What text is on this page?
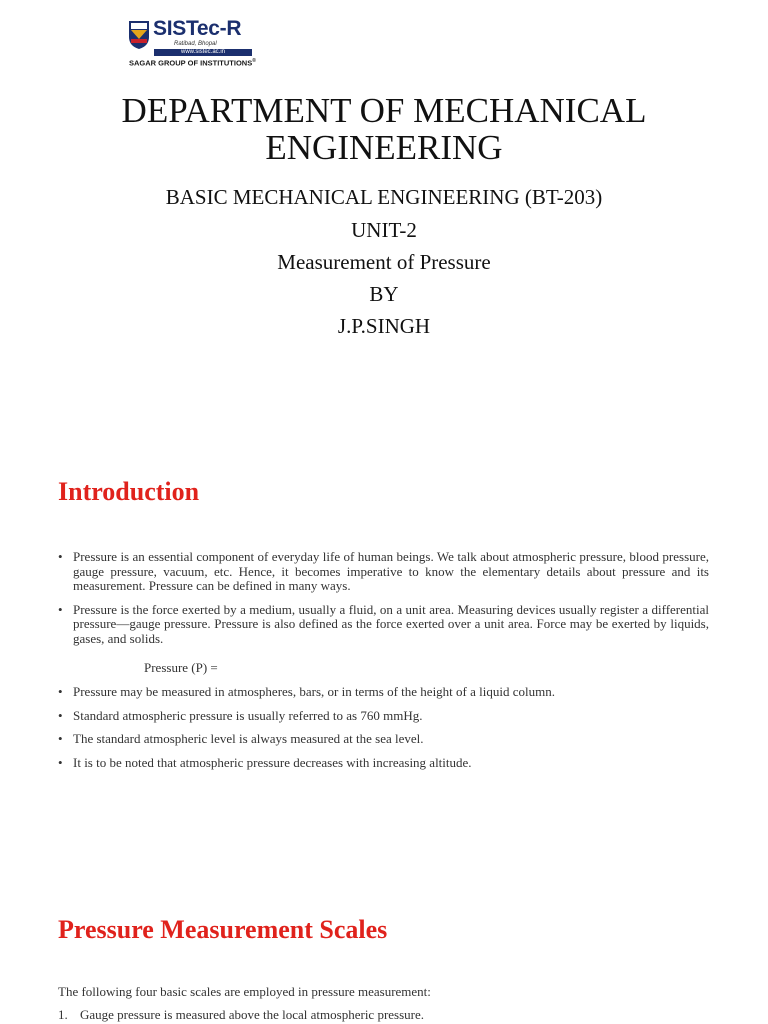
SISTec-R
Ratibad, Bhopal
www.sistec.ac.in
SAGAR GROUP OF INSTITUTIONS®
DEPARTMENT OF MECHANICAL ENGINEERING
BASIC MECHANICAL ENGINEERING (BT-203)
UNIT-2
Measurement of Pressure
BY
J.P.SINGH
Introduction
• Pressure is an essential component of everyday life of human beings. We talk about atmospheric pressure, blood pressure, gauge pressure, vacuum, etc. Hence, it becomes imperative to know the elementary details about pressure and its measurement. Pressure can be defined in many ways.
• Pressure is the force exerted by a medium, usually a fluid, on a unit area. Measuring devices usually register a differential pressure—gauge pressure. Pressure is also defined as the force exerted over a unit area. Force may be exerted by liquids, gases, and solids.
Pressure (P) =
• Pressure may be measured in atmospheres, bars, or in terms of the height of a liquid column.
• Standard atmospheric pressure is usually referred to as 760 mmHg.
• The standard atmospheric level is always measured at the sea level.
• It is to be noted that atmospheric pressure decreases with increasing altitude.
Pressure Measurement Scales
The following four basic scales are employed in pressure measurement:
1. Gauge pressure is measured above the local atmospheric pressure.
